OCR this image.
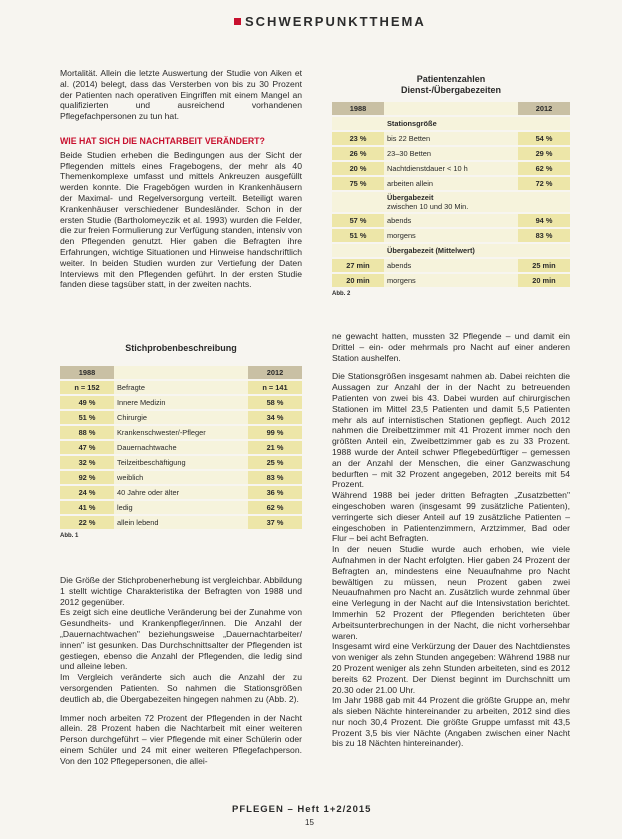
SCHWERPUNKTTHEMA

Mortalität. Allein die letzte Auswertung der Studie von Aiken et al. (2014) belegt, dass das Versterben von bis zu 30 Prozent der Patienten nach operativen Eingriffen mit einem Mangel an qualifizierten und ausreichend vorhandenen Pflegefachpersonen zu tun hat.

WIE HAT SICH DIE NACHTARBEIT VERÄNDERT?

Beide Studien erheben die Bedingungen aus der Sicht der Pflegenden mittels eines Fragebogens, der mehr als 40 Themenkomplexe umfasst und mittels Ankreuzen ausgefüllt werden konnte. Die Fragebögen wurden in Krankenhäusern der Maximal- und Regelversorgung verteilt. Beteiligt waren Krankenhäuser verschiedener Bundesländer. Schon in der ersten Studie (Bartholomeyczik et al. 1993) wurden die Felder, die zur freien Formulierung zur Verfügung standen, intensiv von den Pflegenden genutzt. Hier gaben die Befragten ihre Erfahrungen, wichtige Situationen und Hinweise handschriftlich weiter. In beiden Studien wurden zur Vertiefung der Daten Interviews mit den Pflegenden geführt. In der ersten Studie fanden diese tagsüber statt, in der zweiten nachts.

Stichprobenbeschreibung
1988		2012
n = 152	Befragte	n = 141
49 %	Innere Medizin	58 %
51 %	Chirurgie	34 %
88 %	Krankenschwester/-Pfleger	99 %
47 %	Dauernachtwache	21 %
32 %	Teilzeitbeschäftigung	25 %
92 %	weiblich	83 %
24 %	40 Jahre oder älter	36 %
41 %	ledig	62 %
22 %	allein lebend	37 %
Abb. 1

Die Größe der Stichprobenerhebung ist vergleichbar. Abbildung 1 stellt wichtige Charakteristika der Befragten von 1988 und 2012 gegenüber.

Es zeigt sich eine deutliche Veränderung bei der Zunahme von Gesundheits- und Krankenpfleger/innen. Die Anzahl der „Dauernachtwachen" beziehungsweise „Dauernachtarbeiter/ innen" ist gesunken. Das Durchschnittsalter der Pflegenden ist gestiegen, ebenso die Anzahl der Pflegenden, die ledig sind und alleine leben.

Im Vergleich veränderte sich auch die Anzahl der zu versorgenden Patienten. So nahmen die Stationsgrößen deutlich ab, die Übergabezeiten hingegen nahmen zu (Abb. 2).

Immer noch arbeiten 72 Prozent der Pflegenden in der Nacht allein. 28 Prozent haben die Nachtarbeit mit einer weiteren Person durchgeführt – vier Pflegende mit einer Schülerin oder einem Schüler und 24 mit einer weiteren Pflegefachperson. Von den 102 Pflegepersonen, die allei-

Patientenzahlen
Dienst-/Übergabezeiten
1988		2012
	Stationsgröße	
23 %	bis 22 Betten	54 %
26 %	23–30 Betten	29 %
20 %	Nachtdienstdauer < 10 h	62 %
75 %	arbeiten allein	72 %
	Übergabezeit
zwischen 10 und 30 Min.	
57 %	abends	94 %
51 %	morgens	83 %
	Übergabezeit (Mittelwert)	
27 min	abends	25 min
20 min	morgens	20 min
Abb. 2

ne gewacht hatten, mussten 32 Pflegende – und damit ein Drittel – ein- oder mehrmals pro Nacht auf einer anderen Station aushelfen.

Die Stationsgrößen insgesamt nahmen ab. Dabei reichten die Aussagen zur Anzahl der in der Nacht zu betreuenden Patienten von zwei bis 43. Dabei wurden auf chirurgischen Stationen im Mittel 23,5 Patienten und damit 5,5 Patienten mehr als auf internistischen Stationen gepflegt. Auch 2012 nahmen die Dreibettzimmer mit 41 Prozent immer noch den größten Anteil ein, Zweibettzimmer gab es zu 33 Prozent. 1988 wurde der Anteil schwer Pflegebedürftiger – gemessen an der Anzahl der Menschen, die einer Ganzwaschung bedurften – mit 32 Prozent angegeben, 2012 bereits mit 54 Prozent.

Während 1988 bei jeder dritten Befragten „Zusatzbetten" eingeschoben waren (insgesamt 99 zusätzliche Patienten), verringerte sich dieser Anteil auf 19 zusätzliche Patienten – eingeschoben in Patientenzimmern, Arztzimmer, Bad oder Flur – bei acht Befragten.

In der neuen Studie wurde auch erhoben, wie viele Aufnahmen in der Nacht erfolgten. Hier gaben 24 Prozent der Befragten an, mindestens eine Neuaufnahme pro Nacht bewältigen zu müssen, neun Prozent gaben zwei Neuaufnahmen pro Nacht an. Zusätzlich wurde zehnmal über eine Verlegung in der Nacht auf die Intensivstation berichtet. Immerhin 52 Prozent der Pflegenden berichteten über Arbeitsunterbrechungen in der Nacht, die nicht vorhersehbar waren.

Insgesamt wird eine Verkürzung der Dauer des Nachtdienstes von weniger als zehn Stunden angegeben: Während 1988 nur 20 Prozent weniger als zehn Stunden arbeiteten, sind es 2012 bereits 62 Prozent. Der Dienst beginnt im Durchschnitt um 20.30 oder 21.00 Uhr.

Im Jahr 1988 gab mit 44 Prozent die größte Gruppe an, mehr als sieben Nächte hintereinander zu arbeiten, 2012 sind dies nur noch 30,4 Prozent. Die größte Gruppe umfasst mit 43,5 Prozent 3,5 bis vier Nächte (Angaben zwischen einer Nacht bis zu 18 Nächten hintereinander).

PFLEGEN – Heft 1+2/2015
15
